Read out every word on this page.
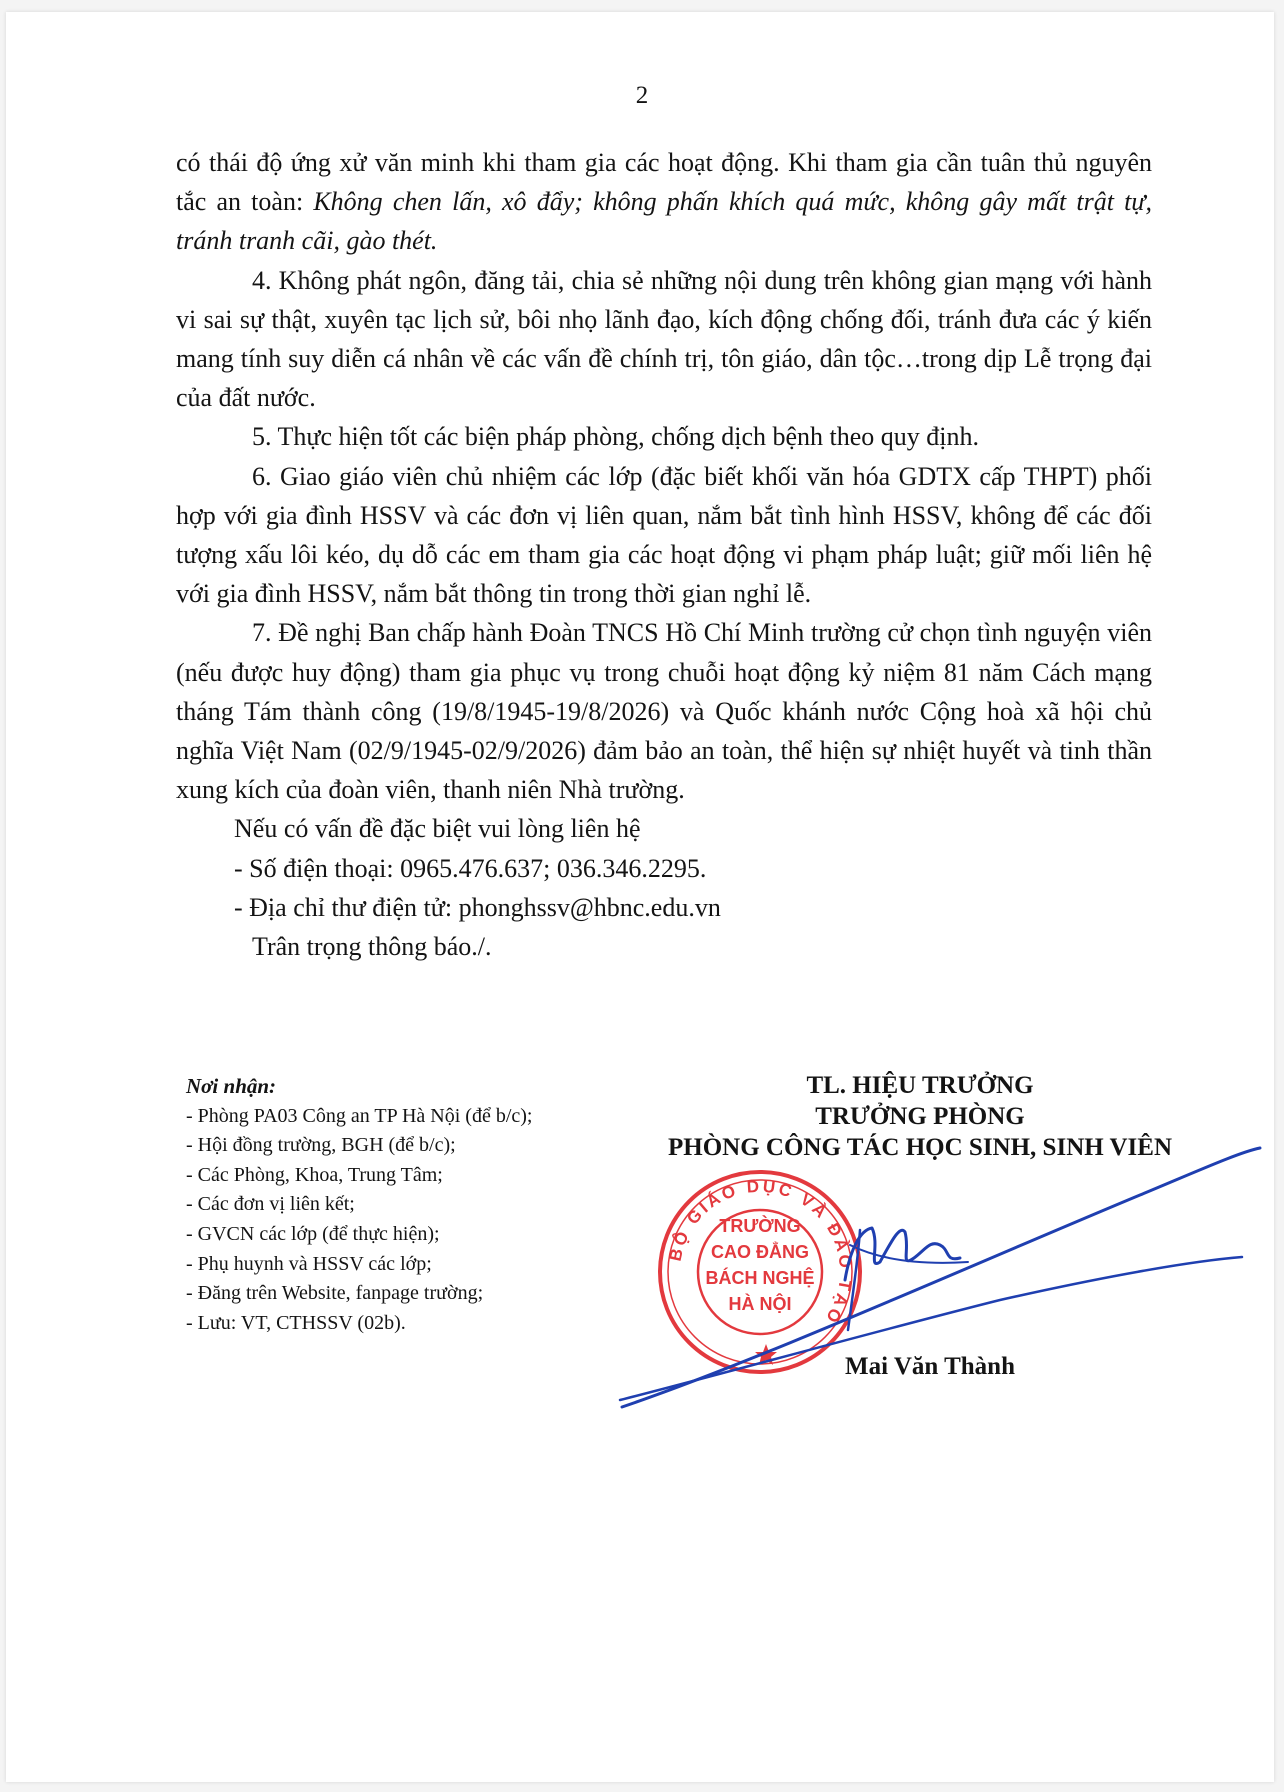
2

có thái độ ứng xử văn minh khi tham gia các hoạt động. Khi tham gia cần tuân thủ nguyên tắc an toàn: Không chen lấn, xô đẩy; không phấn khích quá mức, không gây mất trật tự, tránh tranh cãi, gào thét.

4. Không phát ngôn, đăng tải, chia sẻ những nội dung trên không gian mạng với hành vi sai sự thật, xuyên tạc lịch sử, bôi nhọ lãnh đạo, kích động chống đối, tránh đưa các ý kiến mang tính suy diễn cá nhân về các vấn đề chính trị, tôn giáo, dân tộc…trong dịp Lễ trọng đại của đất nước.

5. Thực hiện tốt các biện pháp phòng, chống dịch bệnh theo quy định.

6. Giao giáo viên chủ nhiệm các lớp (đặc biết khối văn hóa GDTX cấp THPT) phối hợp với gia đình HSSV và các đơn vị liên quan, nắm bắt tình hình HSSV, không để các đối tượng xấu lôi kéo, dụ dỗ các em tham gia các hoạt động vi phạm pháp luật; giữ mối liên hệ với gia đình HSSV, nắm bắt thông tin trong thời gian nghỉ lễ.

7. Đề nghị Ban chấp hành Đoàn TNCS Hồ Chí Minh trường cử chọn tình nguyện viên (nếu được huy động) tham gia phục vụ trong chuỗi hoạt động kỷ niệm 81 năm Cách mạng tháng Tám thành công (19/8/1945-19/8/2026) và Quốc khánh nước Cộng hoà xã hội chủ nghĩa Việt Nam (02/9/1945-02/9/2026) đảm bảo an toàn, thể hiện sự nhiệt huyết và tinh thần xung kích của đoàn viên, thanh niên Nhà trường.

Nếu có vấn đề đặc biệt vui lòng liên hệ

- Số điện thoại: 0965.476.637; 036.346.2295.

- Địa chỉ thư điện tử: phonghssv@hbnc.edu.vn

Trân trọng thông báo./.

Nơi nhận:
- Phòng PA03 Công an TP Hà Nội (để b/c);
- Hội đồng trường, BGH (để b/c);
- Các Phòng, Khoa, Trung Tâm;
- Các đơn vị liên kết;
- GVCN các lớp (để thực hiện);
- Phụ huynh và HSSV các lớp;
- Đăng trên Website, fanpage trường;
- Lưu: VT, CTHSSV (02b).
TL. HIỆU TRƯỞNG
TRƯỞNG PHÒNG
PHÒNG CÔNG TÁC HỌC SINH, SINH VIÊN
BỘ GIÁO DỤC VÀ ĐÀO TẠO
TRƯỜNG
CAO ĐẲNG
BÁCH NGHỆ
HÀ NỘI
Mai Văn Thành
